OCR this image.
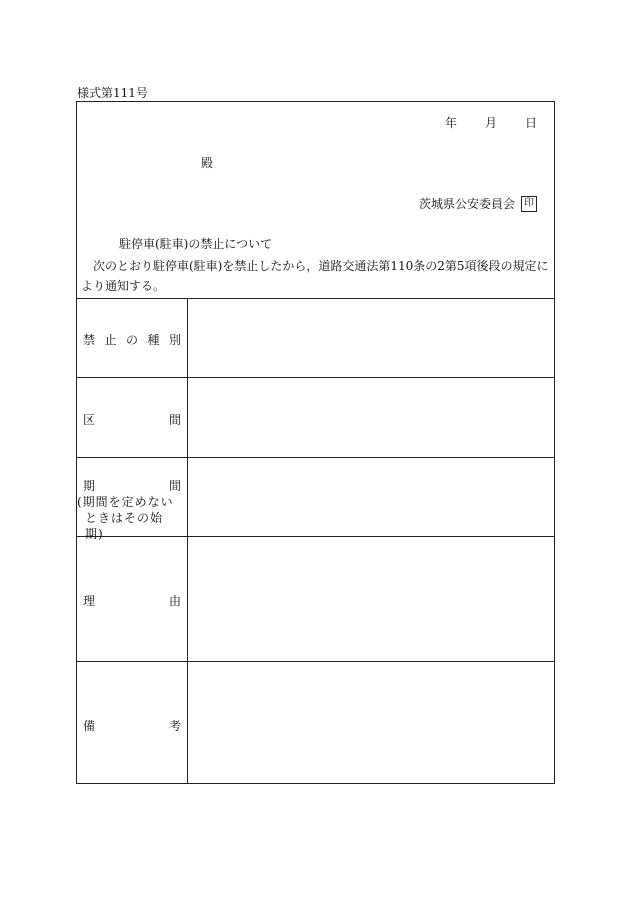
様式第111号
年 月 日
殿
茨城県公安委員会 印
駐停車(駐車)の禁止について
次のとおり駐停車(駐車)を禁止したから，道路交通法第110条の2第5項後段の規定により通知する。
禁 止 の 種 別
区	間
期	間
(期間を定めない
ときはその始期)
理	由
備	考
